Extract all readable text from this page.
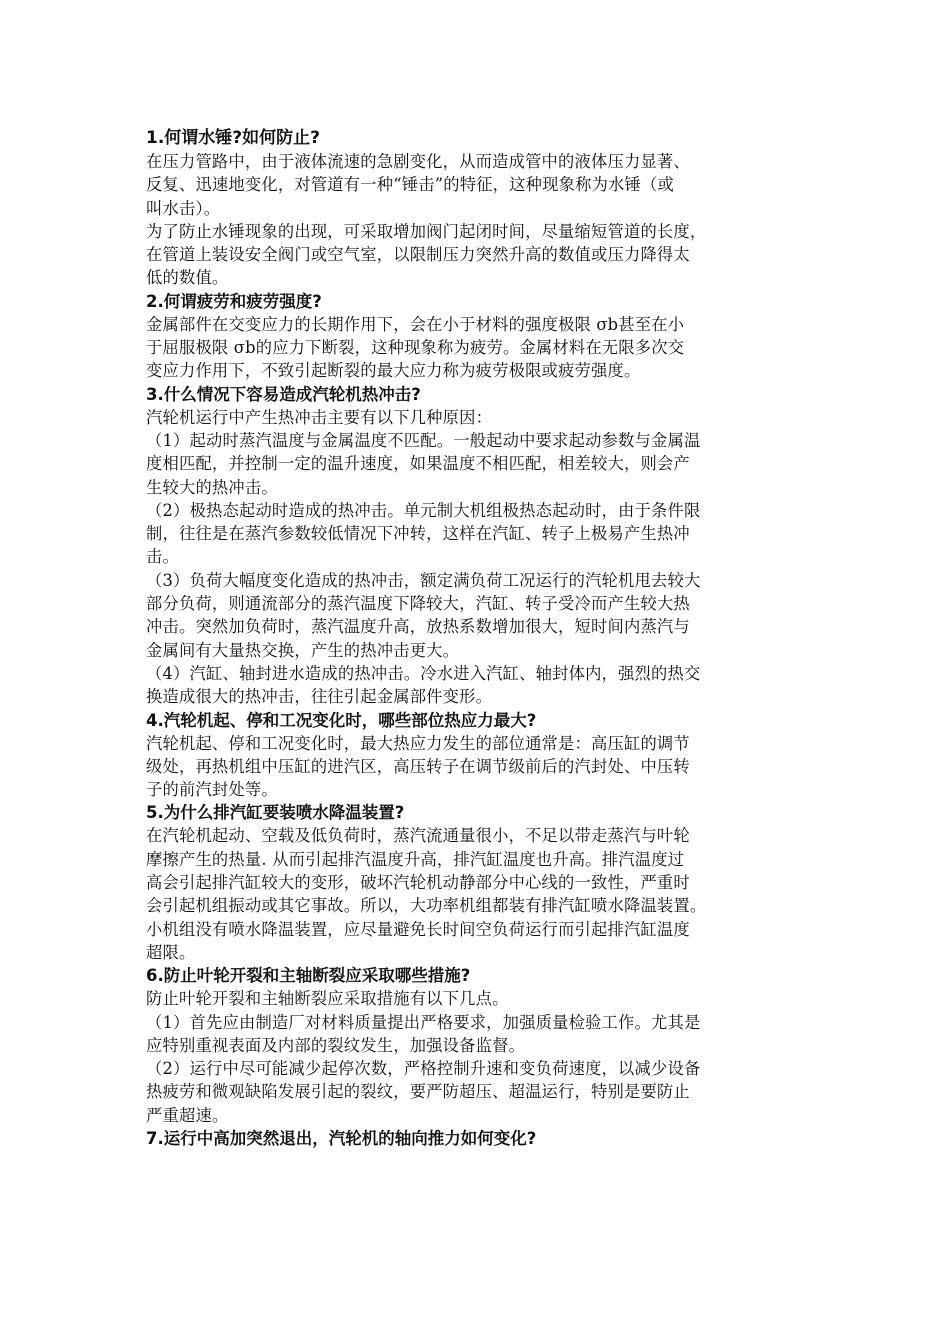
1.何谓水锤?如何防止?
在压力管路中，由于液体流速的急剧变化，从而造成管中的液体压力显著、
反复、迅速地变化，对管道有一种“锤击”的特征，这种现象称为水锤（或
叫水击）。
为了防止水锤现象的出现，可采取增加阀门起闭时间，尽量缩短管道的长度，
在管道上装设安全阀门或空气室，以限制压力突然升高的数值或压力降得太
低的数值。
2.何谓疲劳和疲劳强度?
金属部件在交变应力的长期作用下，会在小于材料的强度极限 σb甚至在小
于屈服极限 σb的应力下断裂，这种现象称为疲劳。金属材料在无限多次交
变应力作用下，不致引起断裂的最大应力称为疲劳极限或疲劳强度。
3.什么情况下容易造成汽轮机热冲击?
汽轮机运行中产生热冲击主要有以下几种原因：
（1）起动时蒸汽温度与金属温度不匹配。一般起动中要求起动参数与金属温
度相匹配，并控制一定的温升速度，如果温度不相匹配，相差较大，则会产
生较大的热冲击。
（2）极热态起动时造成的热冲击。单元制大机组极热态起动时，由于条件限
制，往往是在蒸汽参数较低情况下冲转，这样在汽缸、转子上极易产生热冲
击。
（3）负荷大幅度变化造成的热冲击，额定满负荷工况运行的汽轮机甩去较大
部分负荷，则通流部分的蒸汽温度下降较大，汽缸、转子受冷而产生较大热
冲击。突然加负荷时，蒸汽温度升高，放热系数增加很大，短时间内蒸汽与
金属间有大量热交换，产生的热冲击更大。
（4）汽缸、轴封进水造成的热冲击。冷水进入汽缸、轴封体内，强烈的热交
换造成很大的热冲击，往往引起金属部件变形。
4.汽轮机起、停和工况变化时，哪些部位热应力最大?
汽轮机起、停和工况变化时，最大热应力发生的部位通常是：高压缸的调节
级处，再热机组中压缸的进汽区，高压转子在调节级前后的汽封处、中压转
子的前汽封处等。
5.为什么排汽缸要装喷水降温装置?
在汽轮机起动、空载及低负荷时，蒸汽流通量很小，不足以带走蒸汽与叶轮
摩擦产生的热量. 从而引起排汽温度升高，排汽缸温度也升高。排汽温度过
高会引起排汽缸较大的变形，破坏汽轮机动静部分中心线的一致性，严重时
会引起机组振动或其它事故。所以，大功率机组都装有排汽缸喷水降温装置。
小机组没有喷水降温装置，应尽量避免长时间空负荷运行而引起排汽缸温度
超限。
6.防止叶轮开裂和主轴断裂应采取哪些措施?
防止叶轮开裂和主轴断裂应采取措施有以下几点。
（1）首先应由制造厂对材料质量提出严格要求，加强质量检验工作。尤其是
应特别重视表面及内部的裂纹发生，加强设备监督。
（2）运行中尽可能减少起停次数，严格控制升速和变负荷速度，以减少设备
热疲劳和微观缺陷发展引起的裂纹，要严防超压、超温运行，特别是要防止
严重超速。
7.运行中高加突然退出，汽轮机的轴向推力如何变化?
